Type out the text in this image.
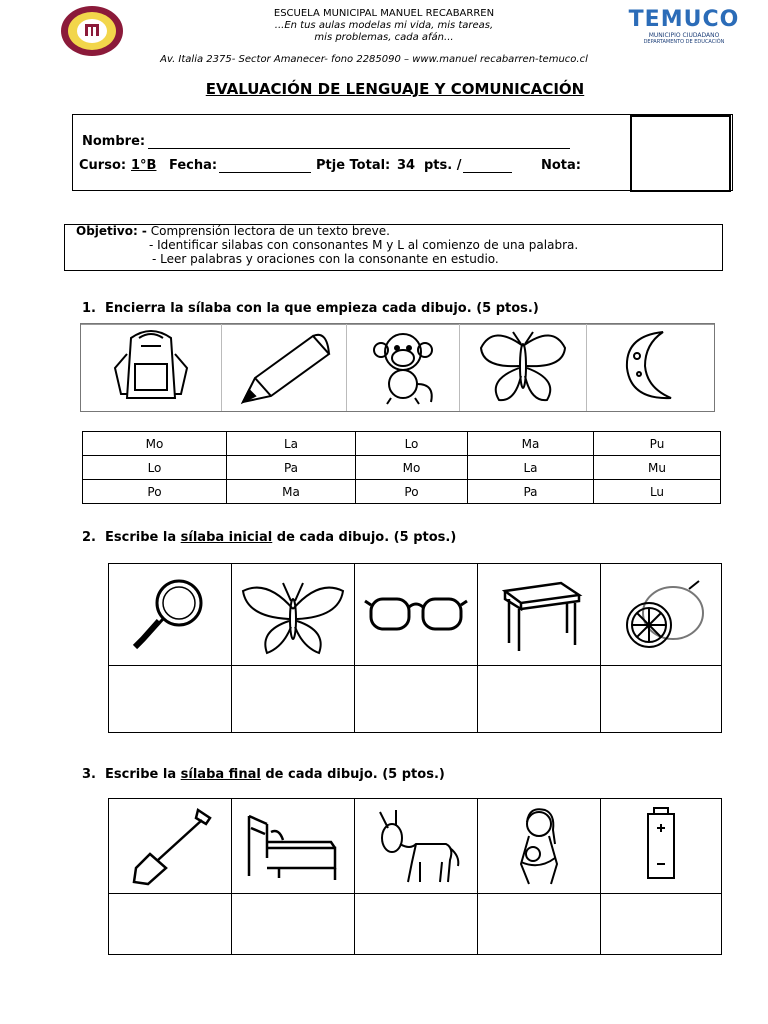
ESCUELA MUNICIPAL MANUEL RECABARREN
...En tus aulas modelas mi vida, mis tareas,
mis problemas, cada afán...
Av. Italia 2375- Sector Amanecer- fono 2285090 – www.manuel recabarren-temuco.cl
TEMUCO
MUNICIPIO CIUDADANO
DEPARTAMENTO DE EDUCACIÓN
EVALUACIÓN DE LENGUAJE Y COMUNICACIÓN
Nombre:
Curso: 1°B Fecha:	Ptje Total: 34 pts. /	Nota:
Objetivo: - Comprensión lectora de un texto breve.
- Identificar silabas con consonantes M y L al comienzo de una palabra.
- Leer palabras y oraciones con la consonante en estudio.
1. Encierra la sílaba con la que empieza cada dibujo. (5 ptos.)
Mo	La	Lo	Ma	Pu
Lo	Pa	Mo	La	Mu
Po	Ma	Po	Pa	Lu
2. Escribe la sílaba inicial de cada dibujo. (5 ptos.)

3. Escribe la sílaba final de cada dibujo. (5 ptos.)
